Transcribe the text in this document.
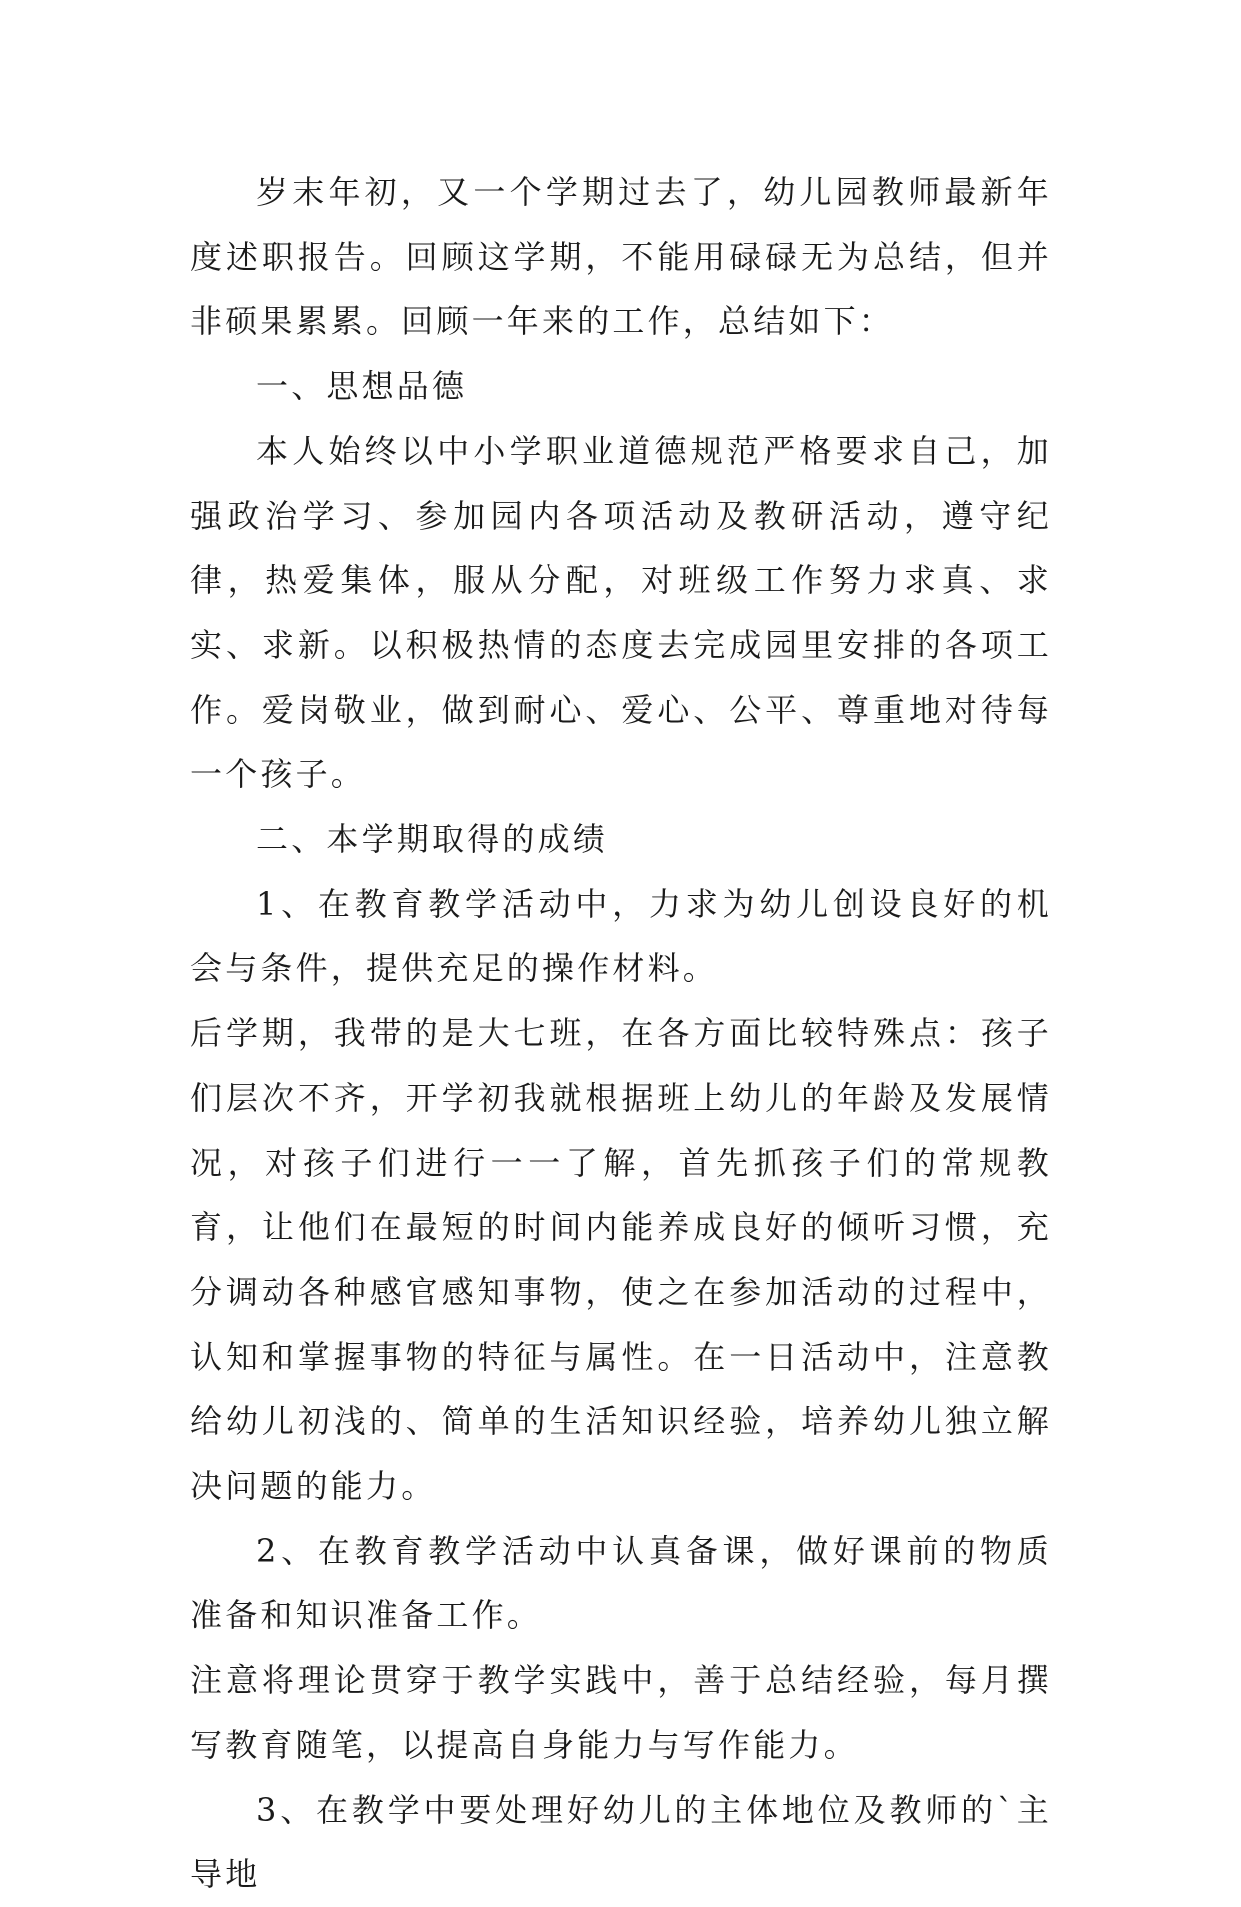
岁末年初，又一个学期过去了，幼儿园教师最新年度述职报告。回顾这学期，不能用碌碌无为总结，但并非硕果累累。回顾一年来的工作，总结如下：

一、思想品德

本人始终以中小学职业道德规范严格要求自己，加强政治学习、参加园内各项活动及教研活动，遵守纪律，热爱集体，服从分配，对班级工作努力求真、求实、求新。以积极热情的态度去完成园里安排的各项工作。爱岗敬业，做到耐心、爱心、公平、尊重地对待每一个孩子。

二、本学期取得的成绩

1、在教育教学活动中，力求为幼儿创设良好的机会与条件，提供充足的操作材料。

后学期，我带的是大七班，在各方面比较特殊点：孩子们层次不齐，开学初我就根据班上幼儿的年龄及发展情况，对孩子们进行一一了解，首先抓孩子们的常规教育，让他们在最短的时间内能养成良好的倾听习惯，充分调动各种感官感知事物，使之在参加活动的过程中，认知和掌握事物的特征与属性。在一日活动中，注意教给幼儿初浅的、简单的生活知识经验，培养幼儿独立解决问题的能力。

2、在教育教学活动中认真备课，做好课前的物质准备和知识准备工作。

注意将理论贯穿于教学实践中，善于总结经验，每月撰写教育随笔，以提高自身能力与写作能力。

3、在教学中要处理好幼儿的主体地位及教师的`主导地
